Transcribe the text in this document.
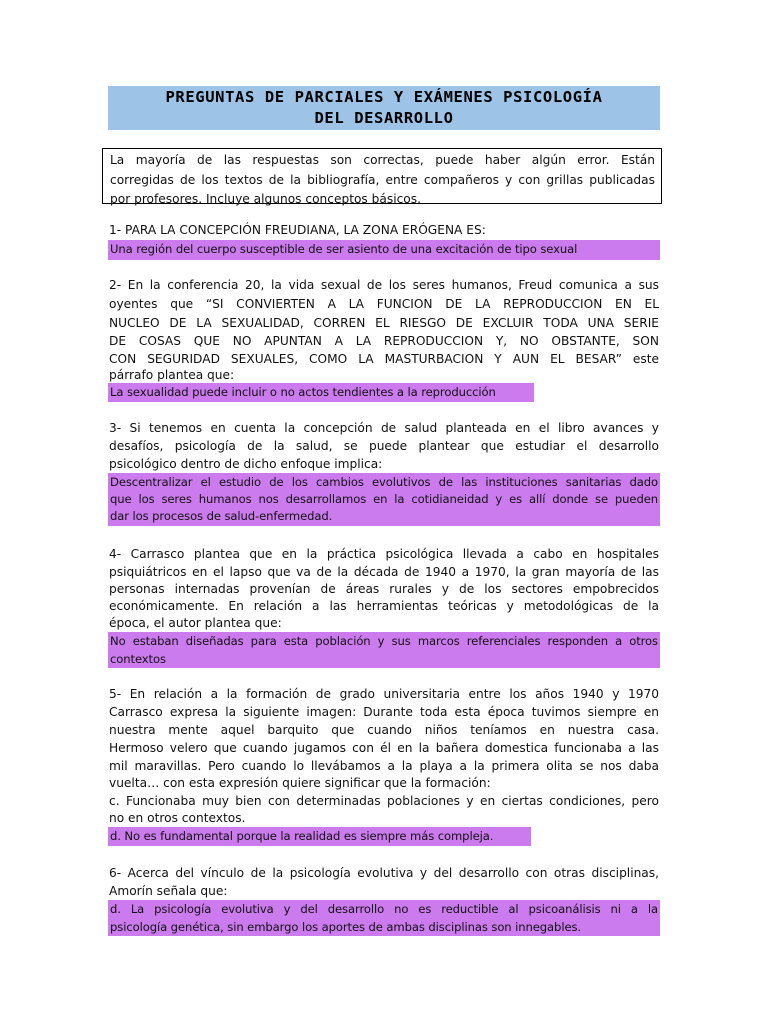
PREGUNTAS DE PARCIALES Y EXÁMENES PSICOLOGÍA
DEL DESARROLLO
La mayoría de las respuestas son correctas, puede haber algún error. Están
corregidas de los textos de la bibliografía, entre compañeros y con grillas publicadas
por profesores. Incluye algunos conceptos básicos.
1- PARA LA CONCEPCIÓN FREUDIANA, LA ZONA ERÓGENA ES:
Una región del cuerpo susceptible de ser asiento de una excitación de tipo sexual
2- En la conferencia 20, la vida sexual de los seres humanos, Freud comunica a sus
oyentes que “SI CONVIERTEN A LA FUNCION DE LA REPRODUCCION EN EL
NUCLEO DE LA SEXUALIDAD, CORREN EL RIESGO DE EXCLUIR TODA UNA SERIE
DE COSAS QUE NO APUNTAN A LA REPRODUCCION Y, NO OBSTANTE, SON
CON SEGURIDAD SEXUALES, COMO LA MASTURBACION Y AUN EL BESAR” este
párrafo plantea que:
La sexualidad puede incluir o no actos tendientes a la reproducción
3- Si tenemos en cuenta la concepción de salud planteada en el libro avances y
desafíos, psicología de la salud, se puede plantear que estudiar el desarrollo
psicológico dentro de dicho enfoque implica:
Descentralizar el estudio de los cambios evolutivos de las instituciones sanitarias dado
que los seres humanos nos desarrollamos en la cotidianeidad y es allí donde se pueden
dar los procesos de salud-enfermedad.
4- Carrasco plantea que en la práctica psicológica llevada a cabo en hospitales
psiquiátricos en el lapso que va de la década de 1940 a 1970, la gran mayoría de las
personas internadas provenían de áreas rurales y de los sectores empobrecidos
económicamente. En relación a las herramientas teóricas y metodológicas de la
época, el autor plantea que:
No estaban diseñadas para esta población y sus marcos referenciales responden a otros
contextos
5- En relación a la formación de grado universitaria entre los años 1940 y 1970
Carrasco expresa la siguiente imagen: Durante toda esta época tuvimos siempre en
nuestra mente aquel barquito que cuando niños teníamos en nuestra casa.
Hermoso velero que cuando jugamos con él en la bañera domestica funcionaba a las
mil maravillas. Pero cuando lo llevábamos a la playa a la primera olita se nos daba
vuelta… con esta expresión quiere significar que la formación:
c. Funcionaba muy bien con determinadas poblaciones y en ciertas condiciones, pero
no en otros contextos.
d. No es fundamental porque la realidad es siempre más compleja.
6- Acerca del vínculo de la psicología evolutiva y del desarrollo con otras disciplinas,
Amorín señala que:
d. La psicología evolutiva y del desarrollo no es reductible al psicoanálisis ni a la
psicología genética, sin embargo los aportes de ambas disciplinas son innegables.
